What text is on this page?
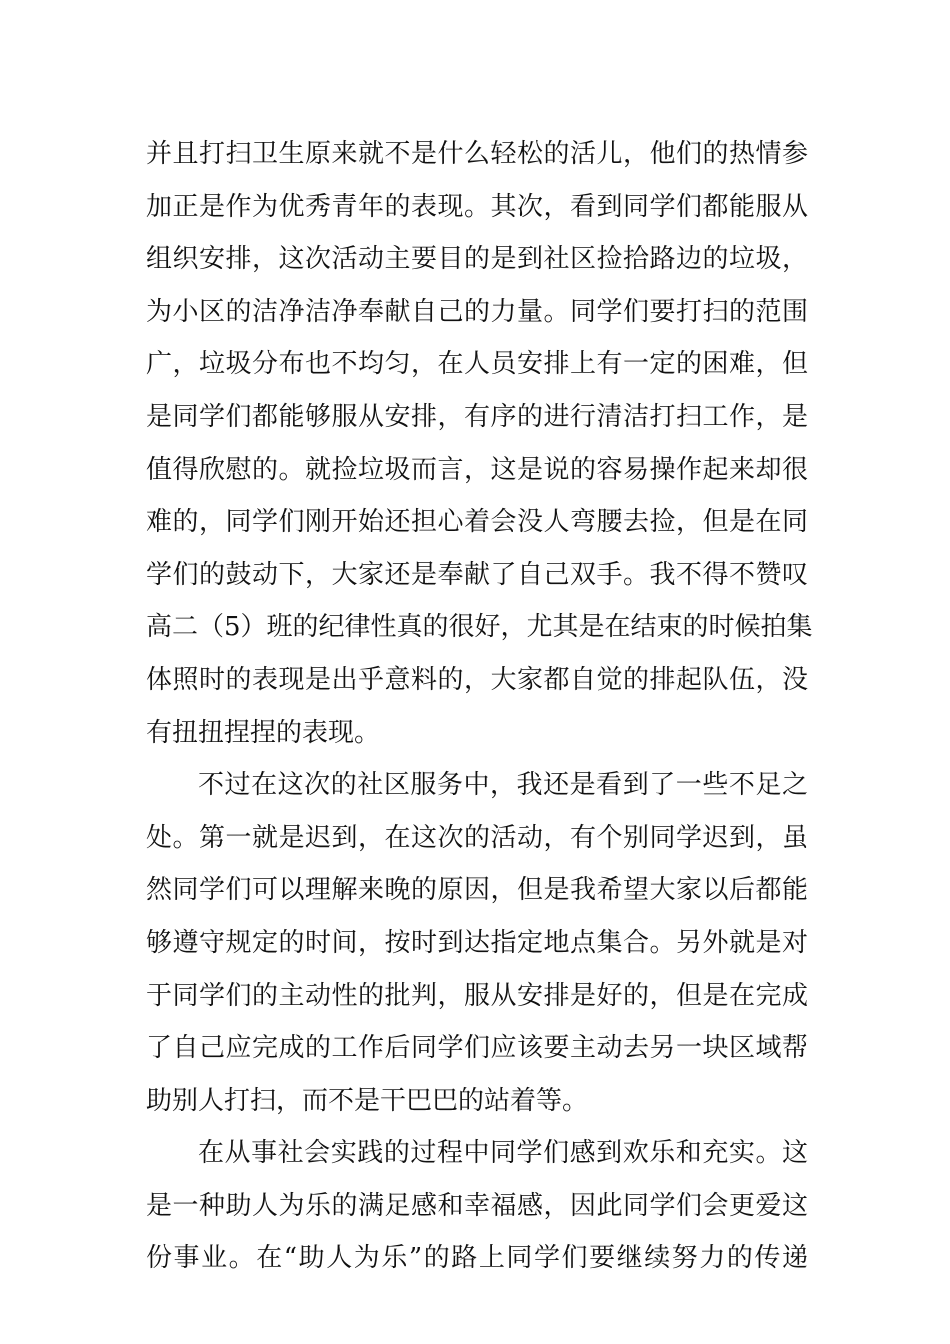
并且打扫卫生原来就不是什么轻松的活儿，他们的热情参
加正是作为优秀青年的表现。其次，看到同学们都能服从
组织安排，这次活动主要目的是到社区捡拾路边的垃圾，
为小区的洁净洁净奉献自己的力量。同学们要打扫的范围
广，垃圾分布也不均匀，在人员安排上有一定的困难，但
是同学们都能够服从安排，有序的进行清洁打扫工作，是
值得欣慰的。就捡垃圾而言，这是说的容易操作起来却很
难的，同学们刚开始还担心着会没人弯腰去捡，但是在同
学们的鼓动下，大家还是奉献了自己双手。我不得不赞叹
高二（5）班的纪律性真的很好，尤其是在结束的时候拍集
体照时的表现是出乎意料的，大家都自觉的排起队伍，没
有扭扭捏捏的表现。
不过在这次的社区服务中，我还是看到了一些不足之
处。第一就是迟到，在这次的活动，有个别同学迟到，虽
然同学们可以理解来晚的原因，但是我希望大家以后都能
够遵守规定的时间，按时到达指定地点集合。另外就是对
于同学们的主动性的批判，服从安排是好的，但是在完成
了自己应完成的工作后同学们应该要主动去另一块区域帮
助别人打扫，而不是干巴巴的站着等。
在从事社会实践的过程中同学们感到欢乐和充实。这
是一种助人为乐的满足感和幸福感，因此同学们会更爱这
份事业。在“助人为乐”的路上同学们要继续努力的传递
